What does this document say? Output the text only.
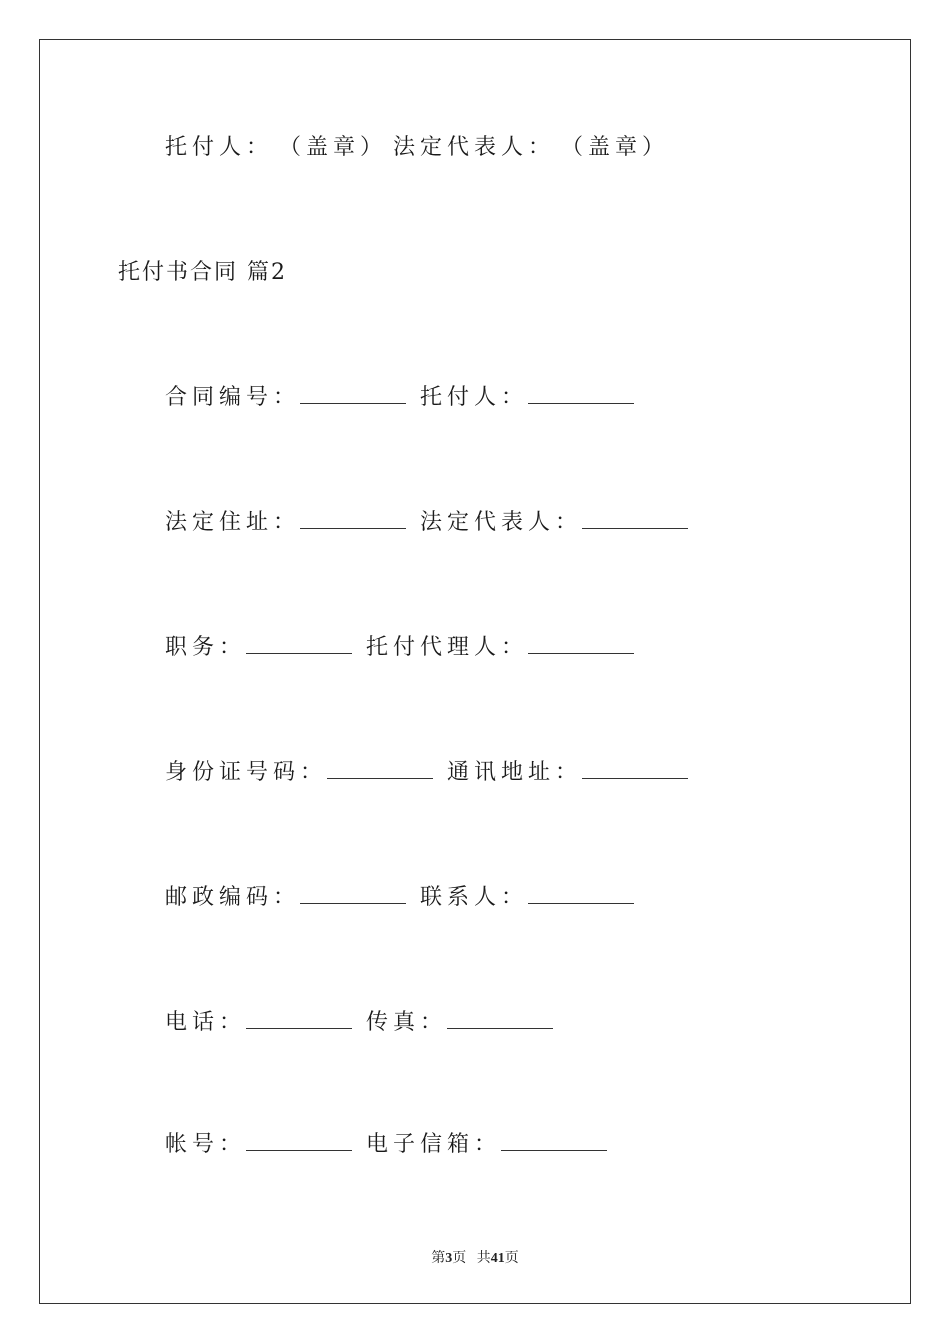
托付人： （盖章） 法定代表人： （盖章）
托付书合同 篇2
合同编号：	托付人：
法定住址：	法定代表人：
职务：	托付代理人：
身份证号码：	通讯地址：
邮政编码：	联系人：
电话：	传真：
帐号：	电子信箱：
第3页 共41页
